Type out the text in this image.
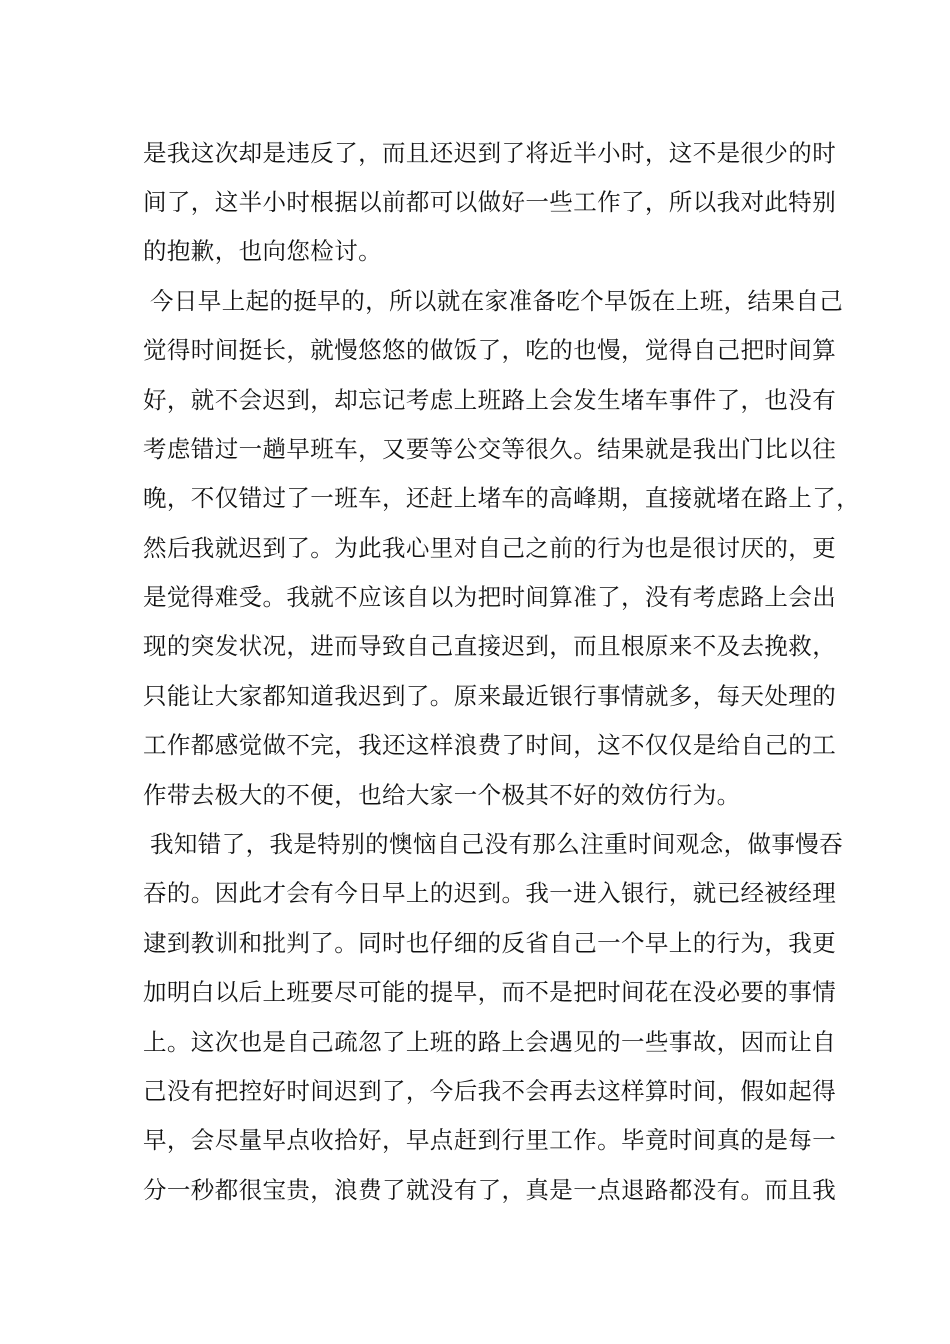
是我这次却是违反了，而且还迟到了将近半小时，这不是很少的时
间了，这半小时根据以前都可以做好一些工作了，所以我对此特别
的抱歉，也向您检讨。
今日早上起的挺早的，所以就在家准备吃个早饭在上班，结果自己
觉得时间挺长，就慢悠悠的做饭了，吃的也慢，觉得自己把时间算
好，就不会迟到，却忘记考虑上班路上会发生堵车事件了，也没有
考虑错过一趟早班车，又要等公交等很久。结果就是我出门比以往
晚，不仅错过了一班车，还赶上堵车的高峰期，直接就堵在路上了，
然后我就迟到了。为此我心里对自己之前的行为也是很讨厌的，更
是觉得难受。我就不应该自以为把时间算准了，没有考虑路上会出
现的突发状况，进而导致自己直接迟到，而且根原来不及去挽救，
只能让大家都知道我迟到了。原来最近银行事情就多，每天处理的
工作都感觉做不完，我还这样浪费了时间，这不仅仅是给自己的工
作带去极大的不便，也给大家一个极其不好的效仿行为。
我知错了，我是特别的懊恼自己没有那么注重时间观念，做事慢吞
吞的。因此才会有今日早上的迟到。我一进入银行，就已经被经理
逮到教训和批判了。同时也仔细的反省自己一个早上的行为，我更
加明白以后上班要尽可能的提早，而不是把时间花在没必要的事情
上。这次也是自己疏忽了上班的路上会遇见的一些事故，因而让自
己没有把控好时间迟到了，今后我不会再去这样算时间，假如起得
早，会尽量早点收拾好，早点赶到行里工作。毕竟时间真的是每一
分一秒都很宝贵，浪费了就没有了，真是一点退路都没有。而且我
